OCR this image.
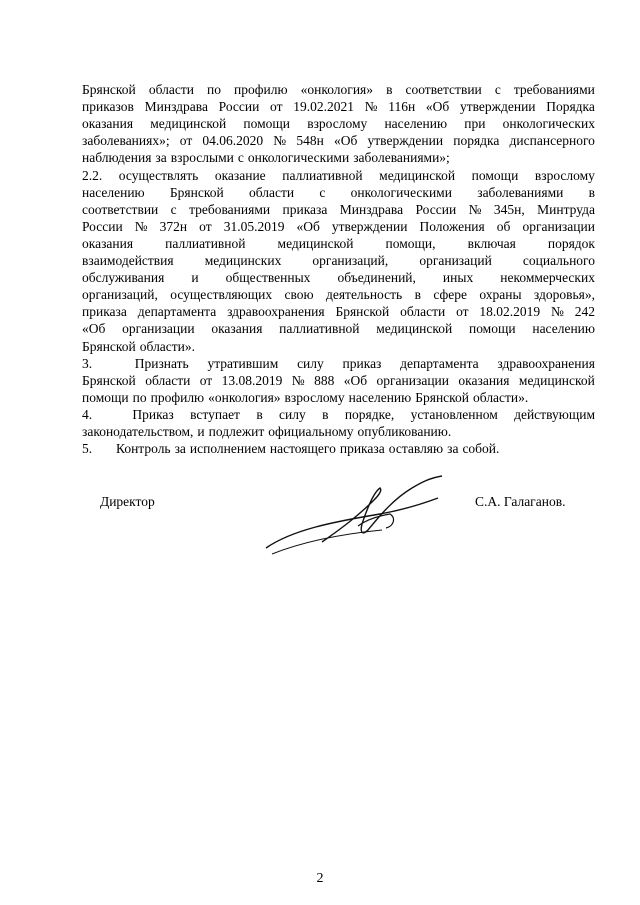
Брянской области по профилю «онкология» в соответствии с требованиями
приказов Минздрава России от 19.02.2021 № 116н «Об утверждении Порядка
оказания медицинской помощи взрослому населению при онкологических
заболеваниях»; от 04.06.2020 № 548н «Об утверждении порядка диспансерного
наблюдения за взрослыми с онкологическими заболеваниями»;
2.2. осуществлять оказание паллиативной медицинской помощи взрослому
населению Брянской области с онкологическими заболеваниями в
соответствии с требованиями приказа Минздрава России № 345н, Минтруда
России № 372н от 31.05.2019 «Об утверждении Положения об организации
оказания паллиативной медицинской помощи, включая порядок
взаимодействия медицинских организаций, организаций социального
обслуживания и общественных объединений, иных некоммерческих
организаций, осуществляющих свою деятельность в сфере охраны здоровья»,
приказа департамента здравоохранения Брянской области от 18.02.2019 № 242
«Об организации оказания паллиативной медицинской помощи населению
Брянской области».
3.	Признать утратившим силу приказ департамента здравоохранения
Брянской области от 13.08.2019 № 888 «Об организации оказания медицинской
помощи по профилю «онкология» взрослому населению Брянской области».
4.	Приказ вступает в силу в порядке, установленном действующим
законодательством, и подлежит официальному опубликованию.
5.	Контроль за исполнением настоящего приказа оставляю за собой.
Директор	С.А. Галаганов.
2
